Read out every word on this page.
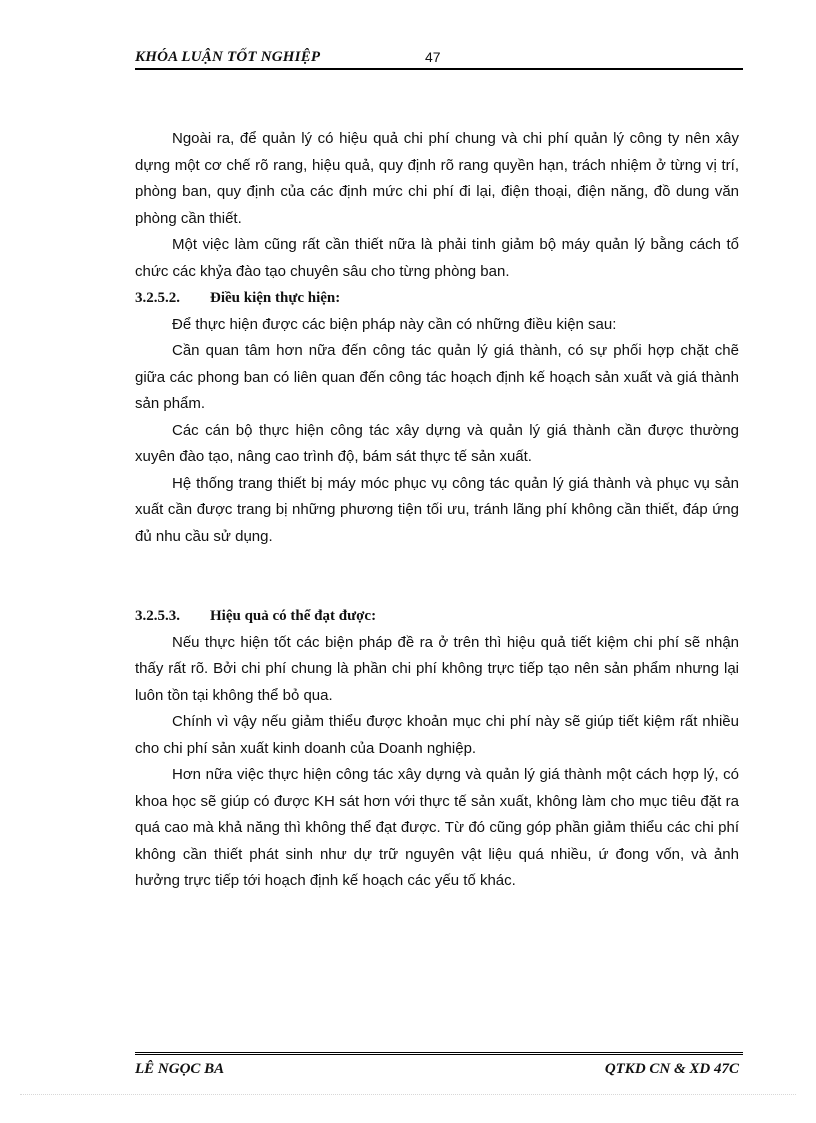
KHÓA LUẬN TỐT NGHIỆP	47

Ngoài ra, để quản lý có hiệu quả chi phí chung và chi phí quản lý công ty nên xây dựng một cơ chế rõ rang, hiệu quả, quy định rõ rang quyền hạn, trách nhiệm ở từng vị trí, phòng ban, quy định của các định mức chi phí đi lại, điện thoại, điện năng, đồ dung văn phòng cần thiết.

Một việc làm cũng rất cần thiết nữa là phải tinh giảm bộ máy quản lý bằng cách tổ chức các khỷa đào tạo chuyên sâu cho từng phòng ban.

3.2.5.2. Điều kiện thực hiện:

Để thực hiện được các biện pháp này cần có những điều kiện sau:

Cần quan tâm hơn nữa đến công tác quản lý giá thành, có sự phối hợp chặt chẽ giữa các phong ban có liên quan đến công tác hoạch định kế hoạch sản xuất và giá thành sản phẩm.

Các cán bộ thực hiện công tác xây dựng và quản lý giá thành cần được thường xuyên đào tạo, nâng cao trình độ, bám sát thực tế sản xuất.

Hệ thống trang thiết bị máy móc phục vụ công tác quản lý giá thành và phục vụ sản xuất cần được trang bị những phương tiện tối ưu, tránh lãng phí không cần thiết, đáp ứng đủ nhu cầu sử dụng.

3.2.5.3. Hiệu quả có thể đạt được:

Nếu thực hiện tốt các biện pháp đề ra ở trên thì hiệu quả tiết kiệm chi phí sẽ nhận thấy rất rõ. Bởi chi phí chung là phần chi phí không trực tiếp tạo nên sản phẩm nhưng lại luôn tồn tại không thể bỏ qua.

Chính vì vậy nếu giảm thiểu được khoản mục chi phí này sẽ giúp tiết kiệm rất nhiều cho chi phí sản xuất kinh doanh của Doanh nghiệp.

Hơn nữa việc thực hiện công tác xây dựng và quản lý giá thành một cách hợp lý, có khoa học sẽ giúp có được KH sát hơn với thực tế sản xuất, không làm cho mục tiêu đặt ra quá cao mà khả năng thì không thể đạt được. Từ đó cũng góp phần giảm thiểu các chi phí không cần thiết phát sinh như dự trữ nguyên vật liệu quá nhiều, ứ đong vốn, và ảnh hưởng trực tiếp tới hoạch định kế hoạch các yếu tố khác.

LÊ NGỌC BA	QTKD CN & XD 47C
